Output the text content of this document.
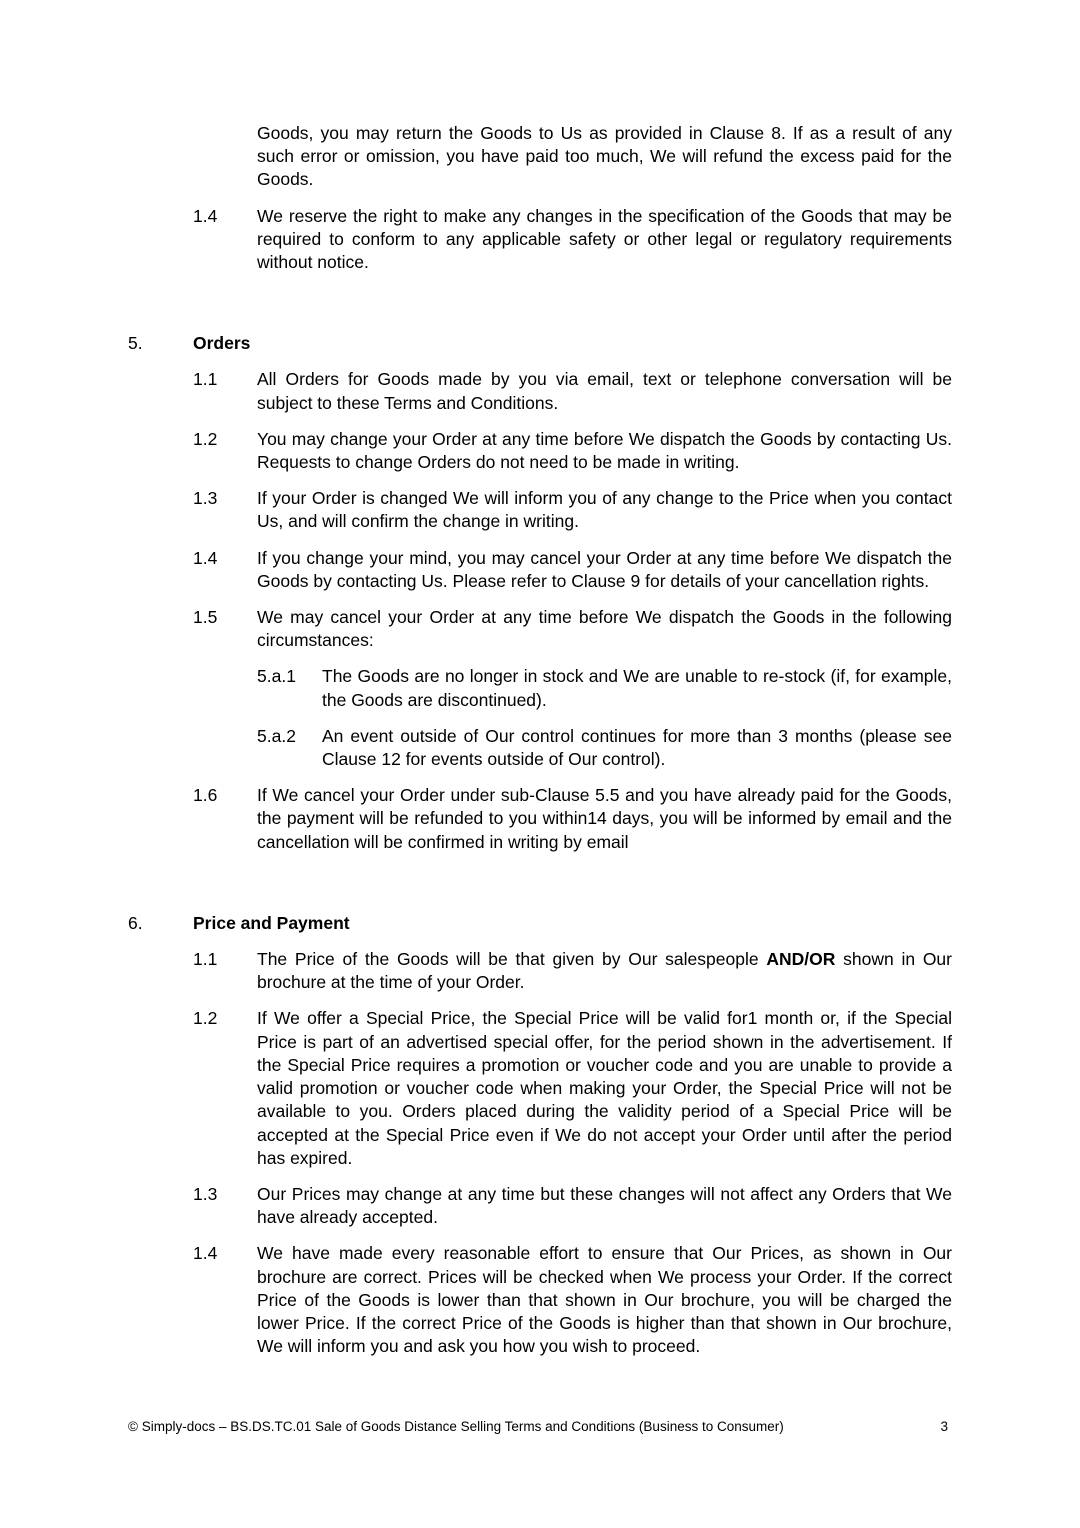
Goods, you may return the Goods to Us as provided in Clause 8. If as a result of any such error or omission, you have paid too much, We will refund the excess paid for the Goods.
1.4	We reserve the right to make any changes in the specification of the Goods that may be required to conform to any applicable safety or other legal or regulatory requirements without notice.
5.	Orders
1.1	All Orders for Goods made by you via email, text or telephone conversation will be subject to these Terms and Conditions.
1.2	You may change your Order at any time before We dispatch the Goods by contacting Us. Requests to change Orders do not need to be made in writing.
1.3	If your Order is changed We will inform you of any change to the Price when you contact Us, and will confirm the change in writing.
1.4	If you change your mind, you may cancel your Order at any time before We dispatch the Goods by contacting Us. Please refer to Clause 9 for details of your cancellation rights.
1.5	We may cancel your Order at any time before We dispatch the Goods in the following circumstances:
5.a.1	The Goods are no longer in stock and We are unable to re-stock (if, for example, the Goods are discontinued).
5.a.2	An event outside of Our control continues for more than 3 months (please see Clause 12 for events outside of Our control).
1.6	If We cancel your Order under sub-Clause 5.5 and you have already paid for the Goods, the payment will be refunded to you within14 days, you will be informed by email and the cancellation will be confirmed in writing by email
6.	Price and Payment
1.1	The Price of the Goods will be that given by Our salespeople AND/OR shown in Our brochure at the time of your Order.
1.2	If We offer a Special Price, the Special Price will be valid for1 month or, if the Special Price is part of an advertised special offer, for the period shown in the advertisement. If the Special Price requires a promotion or voucher code and you are unable to provide a valid promotion or voucher code when making your Order, the Special Price will not be available to you. Orders placed during the validity period of a Special Price will be accepted at the Special Price even if We do not accept your Order until after the period has expired.
1.3	Our Prices may change at any time but these changes will not affect any Orders that We have already accepted.
1.4	We have made every reasonable effort to ensure that Our Prices, as shown in Our brochure are correct. Prices will be checked when We process your Order. If the correct Price of the Goods is lower than that shown in Our brochure, you will be charged the lower Price. If the correct Price of the Goods is higher than that shown in Our brochure, We will inform you and ask you how you wish to proceed.
© Simply-docs – BS.DS.TC.01 Sale of Goods Distance Selling Terms and Conditions (Business to Consumer)	3
